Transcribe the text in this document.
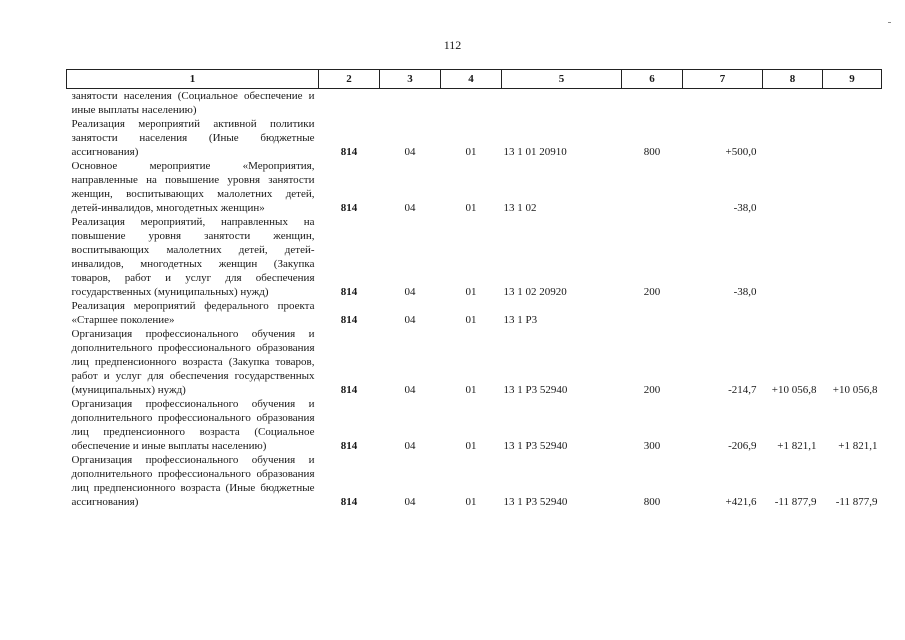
112
1	2	3	4	5	6	7	8	9
занятости населения (Социальное обеспечение и иные выплаты населению)								
Реализация мероприятий активной политики занятости населения (Иные бюджетные ассигнования)	814	04	01	13 1 01 20910	800	+500,0		
Основное мероприятие «Мероприятия, направленные на повышение уровня занятости женщин, воспитывающих малолетних детей, детей-инвалидов, многодетных женщин»	814	04	01	13 1 02		-38,0		
Реализация мероприятий, направленных на повышение уровня занятости женщин, воспитывающих малолетних детей, детей-инвалидов, многодетных женщин (Закупка товаров, работ и услуг для обеспечения государственных (муниципальных) нужд)	814	04	01	13 1 02 20920	200	-38,0		
Реализация мероприятий федерального проекта «Старшее поколение»	814	04	01	13 1 P3				
Организация профессионального обучения и дополнительного профессионального образования лиц предпенсионного возраста (Закупка товаров, работ и услуг для обеспечения государственных (муниципальных) нужд)	814	04	01	13 1 P3 52940	200	-214,7	+10 056,8	+10 056,8
Организация профессионального обучения и дополнительного профессионального образования лиц предпенсионного возраста (Социальное обеспечение и иные выплаты населению)	814	04	01	13 1 P3 52940	300	-206,9	+1 821,1	+1 821,1
Организация профессионального обучения и дополнительного профессионального образования лиц предпенсионного возраста (Иные бюджетные ассигнования)	814	04	01	13 1 P3 52940	800	+421,6	-11 877,9	-11 877,9
